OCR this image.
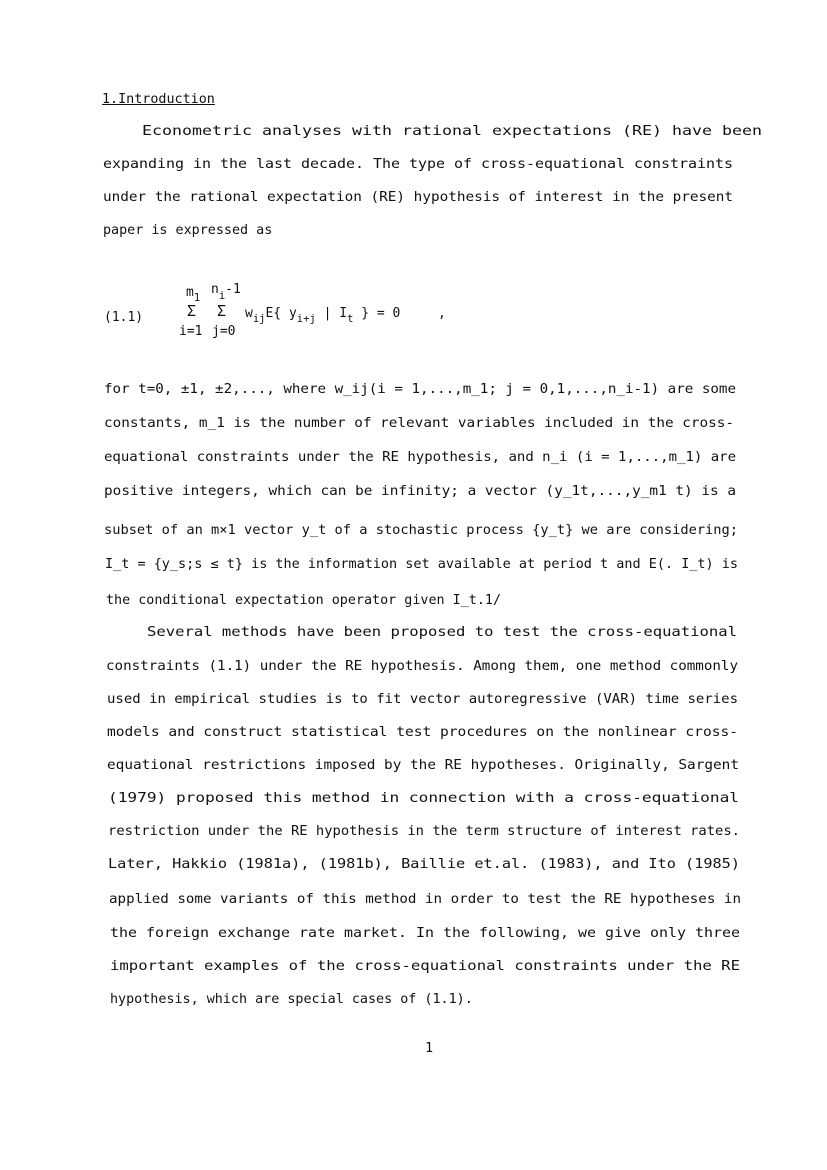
1.Introduction
Econometric analyses with rational expectations (RE) have been
expanding in the last decade. The type of cross-equational constraints
under the rational expectation (RE) hypothesis of interest in the present
paper is expressed as
(1.1)
$m_1$
$n_i-1$
Σ Σ
i=1 j=0
$w_{ij}E${ $y_{i+j}$ | $I_t$ } = 0	,
for t=0, ±1, ±2,..., where w_ij(i = 1,...,m_1; j = 0,1,...,n_i-1) are some
constants, m_1 is the number of relevant variables included in the cross-
equational constraints under the RE hypothesis, and n_i (i = 1,...,m_1) are
positive integers, which can be infinity; a vector (y_1t,...,y_m1 t) is a
subset of an m×1 vector y_t of a stochastic process {y_t} we are considering;
I_t = {y_s;s ≤ t} is the information set available at period t and E(. I_t) is
the conditional expectation operator given I_t.1/
Several methods have been proposed to test the cross-equational
constraints (1.1) under the RE hypothesis. Among them, one method commonly
used in empirical studies is to fit vector autoregressive (VAR) time series
models and construct statistical test procedures on the nonlinear cross-
equational restrictions imposed by the RE hypotheses. Originally, Sargent
(1979) proposed this method in connection with a cross-equational
restriction under the RE hypothesis in the term structure of interest rates.
Later, Hakkio (1981a), (1981b), Baillie et.al. (1983), and Ito (1985)
applied some variants of this method in order to test the RE hypotheses in
the foreign exchange rate market. In the following, we give only three
important examples of the cross-equational constraints under the RE
hypothesis, which are special cases of (1.1).
1
